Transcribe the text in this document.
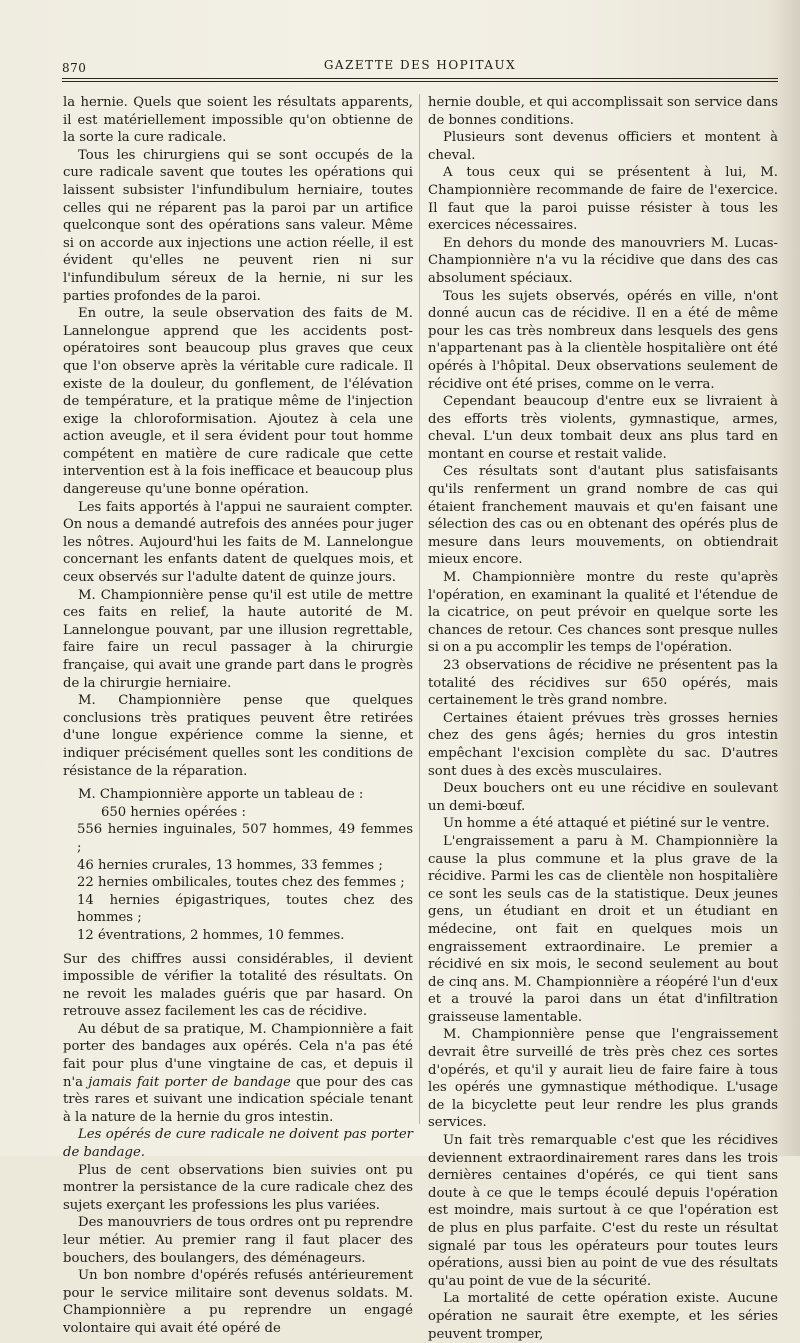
870	GAZETTE DES HOPITAUX

la hernie. Quels que soient les résultats apparents, il est matériellement impossible qu'on obtienne de la sorte la cure radicale.

Tous les chirurgiens qui se sont occupés de la cure radicale savent que toutes les opérations qui laissent subsister l'infundibulum herniaire, toutes celles qui ne réparent pas la paroi par un artifice quelconque sont des opérations sans valeur. Même si on accorde aux injections une action réelle, il est évident qu'elles ne peuvent rien ni sur l'infundibulum séreux de la hernie, ni sur les parties profondes de la paroi.

En outre, la seule observation des faits de M. Lannelongue apprend que les accidents post-opératoires sont beaucoup plus graves que ceux que l'on observe après la véritable cure radicale. Il existe de la douleur, du gonflement, de l'élévation de température, et la pratique même de l'injection exige la chloroformisation. Ajoutez à cela une action aveugle, et il sera évident pour tout homme compétent en matière de cure radicale que cette intervention est à la fois inefficace et beaucoup plus dangereuse qu'une bonne opération.

Les faits apportés à l'appui ne sauraient compter. On nous a demandé autrefois des années pour juger les nôtres. Aujourd'hui les faits de M. Lannelongue concernant les enfants datent de quelques mois, et ceux observés sur l'adulte datent de quinze jours.

M. Championnière pense qu'il est utile de mettre ces faits en relief, la haute autorité de M. Lannelongue pouvant, par une illusion regrettable, faire faire un recul passager à la chirurgie française, qui avait une grande part dans le progrès de la chirurgie herniaire.

M. Championnière pense que quelques conclusions très pratiques peuvent être retirées d'une longue expérience comme la sienne, et indiquer précisément quelles sont les conditions de résistance de la réparation.

M. Championnière apporte un tableau de :

650 hernies opérées :

556 hernies inguinales, 507 hommes, 49 femmes ;

46 hernies crurales, 13 hommes, 33 femmes ;

22 hernies ombilicales, toutes chez des femmes ;

14 hernies épigastriques, toutes chez des hommes ;

12 éventrations, 2 hommes, 10 femmes.

Sur des chiffres aussi considérables, il devient impossible de vérifier la totalité des résultats. On ne revoit les malades guéris que par hasard. On retrouve assez facilement les cas de récidive.

Au début de sa pratique, M. Championnière a fait porter des bandages aux opérés. Cela n'a pas été fait pour plus d'une vingtaine de cas, et depuis il n'a jamais fait porter de bandage que pour des cas très rares et suivant une indication spéciale tenant à la nature de la hernie du gros intestin.

Les opérés de cure radicale ne doivent pas porter de bandage.

Plus de cent observations bien suivies ont pu montrer la persistance de la cure radicale chez des sujets exerçant les professions les plus variées.

Des manouvriers de tous ordres ont pu reprendre leur métier. Au premier rang il faut placer des bouchers, des boulangers, des déménageurs.

Un bon nombre d'opérés refusés antérieurement pour le service militaire sont devenus soldats. M. Championnière a pu reprendre un engagé volontaire qui avait été opéré de

hernie double, et qui accomplissait son service dans de bonnes conditions.

Plusieurs sont devenus officiers et montent à cheval.

A tous ceux qui se présentent à lui, M. Championnière recommande de faire de l'exercice. Il faut que la paroi puisse résister à tous les exercices nécessaires.

En dehors du monde des manouvriers M. Lucas-Championnière n'a vu la récidive que dans des cas absolument spéciaux.

Tous les sujets observés, opérés en ville, n'ont donné aucun cas de récidive. Il en a été de même pour les cas très nombreux dans lesquels des gens n'appartenant pas à la clientèle hospitalière ont été opérés à l'hôpital. Deux observations seulement de récidive ont été prises, comme on le verra.

Cependant beaucoup d'entre eux se livraient à des efforts très violents, gymnastique, armes, cheval. L'un deux tombait deux ans plus tard en montant en course et restait valide.

Ces résultats sont d'autant plus satisfaisants qu'ils renferment un grand nombre de cas qui étaient franchement mauvais et qu'en faisant une sélection des cas ou en obtenant des opérés plus de mesure dans leurs mouvements, on obtiendrait mieux encore.

M. Championnière montre du reste qu'après l'opération, en examinant la qualité et l'étendue de la cicatrice, on peut prévoir en quelque sorte les chances de retour. Ces chances sont presque nulles si on a pu accomplir les temps de l'opération.

23 observations de récidive ne présentent pas la totalité des récidives sur 650 opérés, mais certainement le très grand nombre.

Certaines étaient prévues très grosses hernies chez des gens âgés; hernies du gros intestin empêchant l'excision complète du sac. D'autres sont dues à des excès musculaires.

Deux bouchers ont eu une récidive en soulevant un demi-bœuf.

Un homme a été attaqué et piétiné sur le ventre.

L'engraissement a paru à M. Championnière la cause la plus commune et la plus grave de la récidive. Parmi les cas de clientèle non hospitalière ce sont les seuls cas de la statistique. Deux jeunes gens, un étudiant en droit et un étudiant en médecine, ont fait en quelques mois un engraissement extraordinaire. Le premier a récidivé en six mois, le second seulement au bout de cinq ans. M. Championnière a réopéré l'un d'eux et a trouvé la paroi dans un état d'infiltration graisseuse lamentable.

M. Championnière pense que l'engraissement devrait être surveillé de très près chez ces sortes d'opérés, et qu'il y aurait lieu de faire faire à tous les opérés une gymnastique méthodique. L'usage de la bicyclette peut leur rendre les plus grands services.

Un fait très remarquable c'est que les récidives deviennent extraordinairement rares dans les trois dernières centaines d'opérés, ce qui tient sans doute à ce que le temps écoulé depuis l'opération est moindre, mais surtout à ce que l'opération est de plus en plus parfaite. C'est du reste un résultat signalé par tous les opérateurs pour toutes leurs opérations, aussi bien au point de vue des résultats qu'au point de vue de la sécurité.

La mortalité de cette opération existe. Aucune opération ne saurait être exempte, et les séries peuvent tromper,
